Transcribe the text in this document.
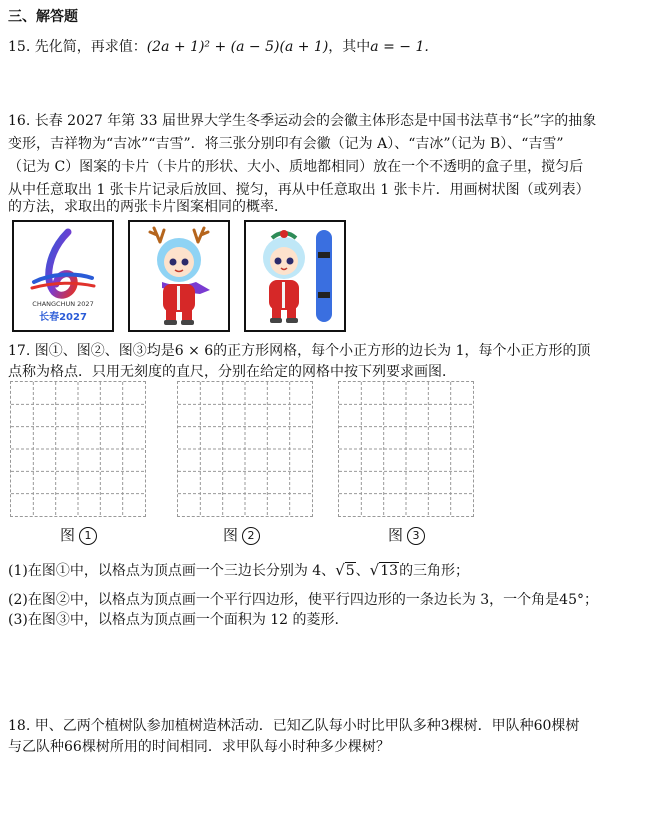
三、解答题
15. 先化简，再求值：(2a + 1)² + (a − 5)(a + 1)，其中a = − 1.
16. 长春 2027 年第 33 届世界大学生冬季运动会的会徽主体形态是中国书法草书“长”字的抽象
变形，吉祥物为“吉冰”“吉雪”．将三张分别印有会徽（记为 A）、“吉冰”（记为 B）、“吉雪”
（记为 C）图案的卡片（卡片的形状、大小、质地都相同）放在一个不透明的盒子里，搅匀后
从中任意取出 1 张卡片记录后放回、搅匀，再从中任意取出 1 张卡片．用画树状图（或列表）
的方法，求取出的两张卡片图案相同的概率．
CHANGCHUN 2027
长春2027
17. 图①、图②、图③均是6 × 6的正方形网格，每个小正方形的边长为 1，每个小正方形的顶
点称为格点．只用无刻度的直尺，分别在给定的网格中按下列要求画图．
图 1	图 2	图 3
(1)在图①中，以格点为顶点画一个三边长分别为 4、√5、√13的三角形；
(2)在图②中，以格点为顶点画一个平行四边形，使平行四边形的一条边长为 3，一个角是45°；
(3)在图③中，以格点为顶点画一个面积为 12 的菱形.
18. 甲、乙两个植树队参加植树造林活动．已知乙队每小时比甲队多种3棵树．甲队种60棵树
与乙队种66棵树所用的时间相同．求甲队每小时种多少棵树？
